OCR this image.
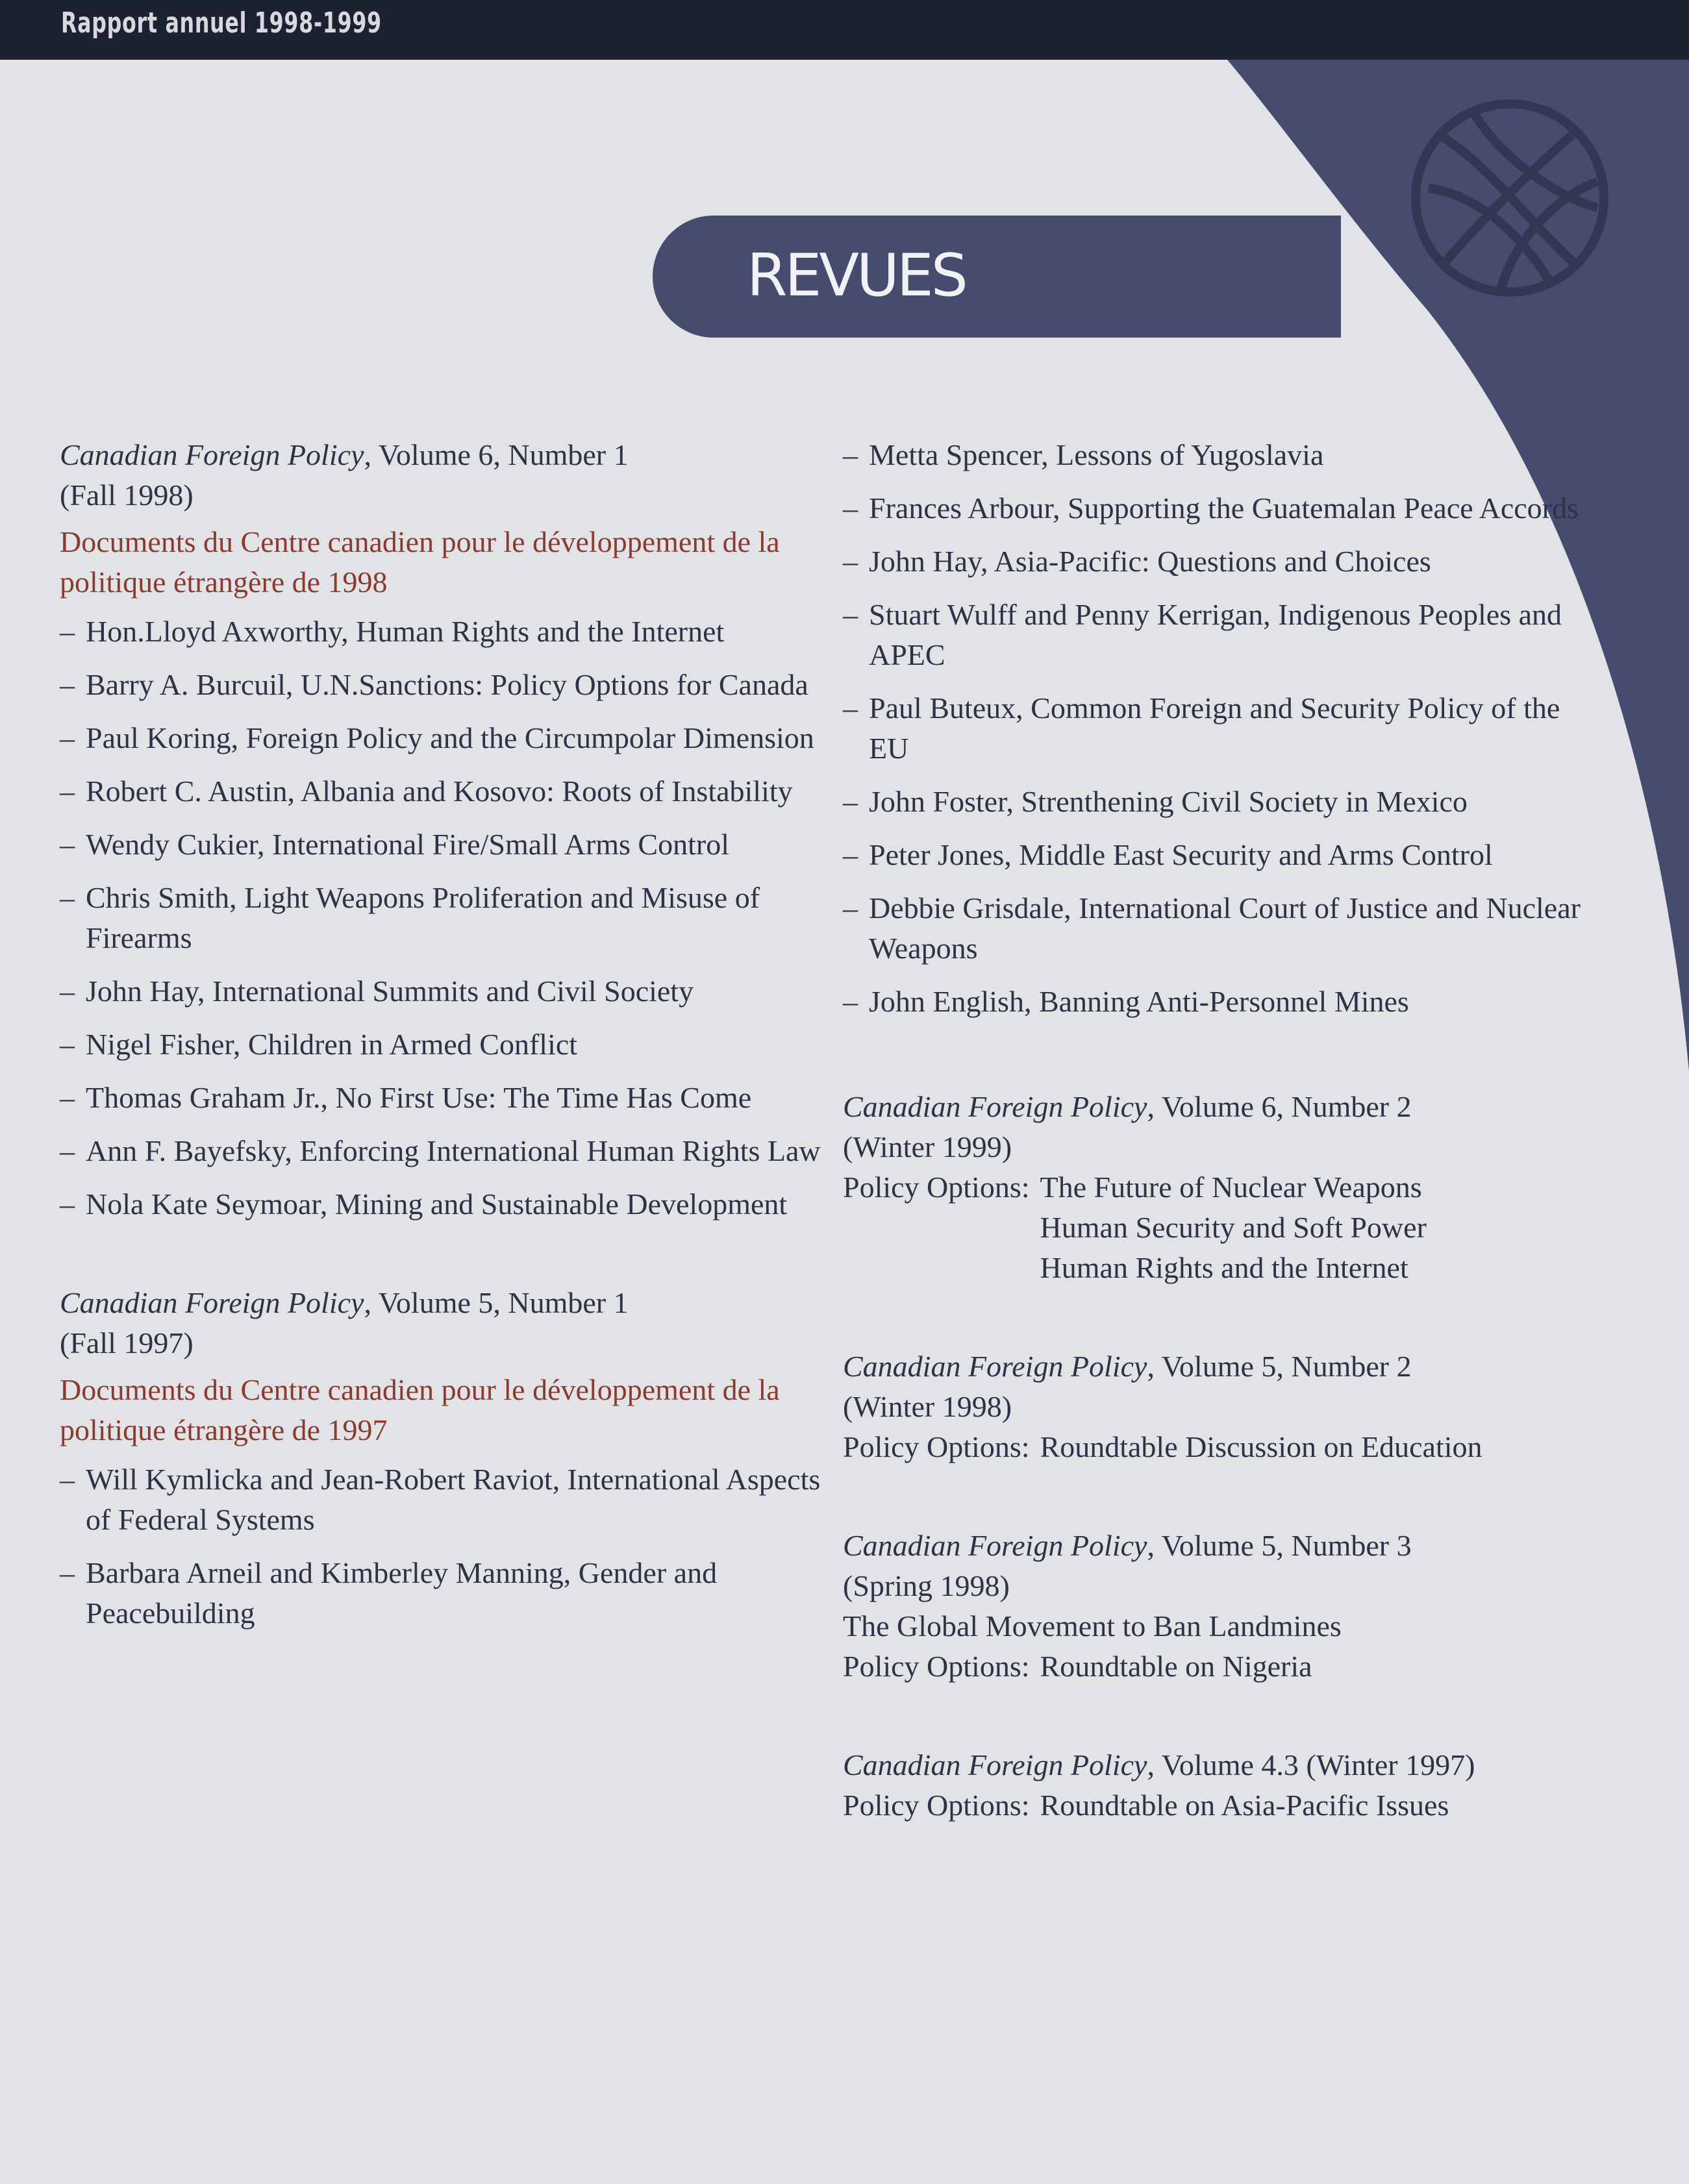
Rapport annuel 1998-1999
REVUES

Canadian Foreign Policy, Volume 6, Number 1

(Fall 1998)

Documents du Centre canadien pour le développement de la politique étrangère de 1998

– Hon.Lloyd Axworthy, Human Rights and the Internet
– Barry A. Burcuil, U.N.Sanctions: Policy Options for Canada
– Paul Koring, Foreign Policy and the Circumpolar Dimension
– Robert C. Austin, Albania and Kosovo: Roots of Instability
– Wendy Cukier, International Fire/Small Arms Control
– Chris Smith, Light Weapons Proliferation and Misuse of Firearms
– John Hay, International Summits and Civil Society
– Nigel Fisher, Children in Armed Conflict
– Thomas Graham Jr., No First Use: The Time Has Come
– Ann F. Bayefsky, Enforcing International Human Rights Law
– Nola Kate Seymoar, Mining and Sustainable Development

Canadian Foreign Policy, Volume 5, Number 1

(Fall 1997)

Documents du Centre canadien pour le développement de la politique étrangère de 1997

– Will Kymlicka and Jean-Robert Raviot, International Aspects of Federal Systems
– Barbara Arneil and Kimberley Manning, Gender and Peacebuilding
– Metta Spencer, Lessons of Yugoslavia
– Frances Arbour, Supporting the Guatemalan Peace Accords
– John Hay, Asia-Pacific: Questions and Choices
– Stuart Wulff and Penny Kerrigan, Indigenous Peoples and APEC
– Paul Buteux, Common Foreign and Security Policy of the EU
– John Foster, Strenthening Civil Society in Mexico
– Peter Jones, Middle East Security and Arms Control
– Debbie Grisdale, International Court of Justice and Nuclear Weapons
– John English, Banning Anti-Personnel Mines

Canadian Foreign Policy, Volume 6, Number 2

(Winter 1999)

Policy Options: The Future of Nuclear Weapons
Human Security and Soft Power
Human Rights and the Internet

Canadian Foreign Policy, Volume 5, Number 2

(Winter 1998)

Policy Options: Roundtable Discussion on Education

Canadian Foreign Policy, Volume 5, Number 3

(Spring 1998)

The Global Movement to Ban Landmines

Policy Options: Roundtable on Nigeria

Canadian Foreign Policy, Volume 4.3 (Winter 1997)

Policy Options: Roundtable on Asia-Pacific Issues
